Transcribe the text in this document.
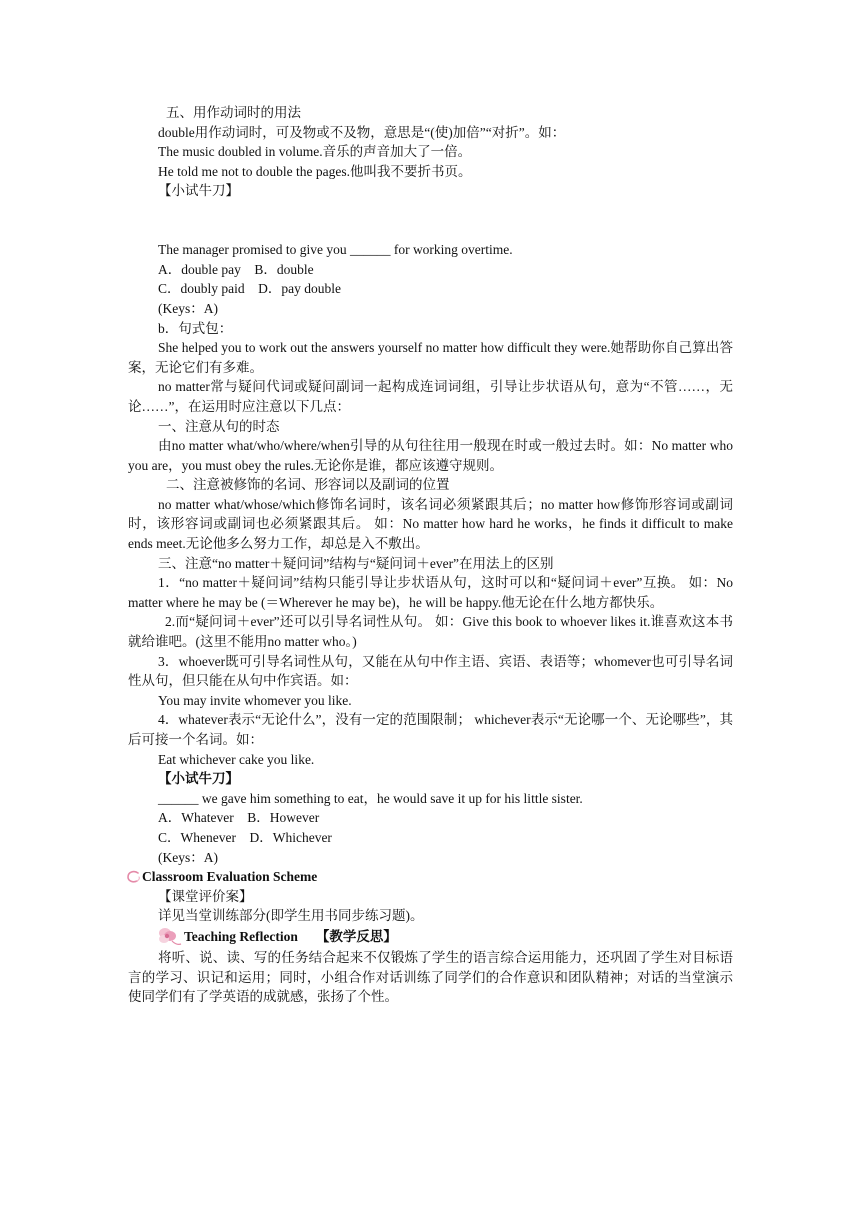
五、用作动词时的用法
double用作动词时，可及物或不及物，意思是“(使)加倍”“对折”。如：
The music doubled in volume.音乐的声音加大了一倍。
He told me not to double the pages.他叫我不要折书页。
【小试牛刀】
The manager promised to give you ______ for working overtime.
A．double pay　B．double
C．doubly paid　D．pay double
(Keys：A)
b．句式包：
She helped you to work out the answers yourself no matter how difficult they were.她帮助你自己算出答案，无论它们有多难。
no matter常与疑问代词或疑问副词一起构成连词词组，引导让步状语从句，意为“不管……，无论……”，在运用时应注意以下几点：
一、注意从句的时态
由no matter what/who/where/when引导的从句往往用一般现在时或一般过去时。如：No matter who you are，you must obey the rules.无论你是谁，都应该遵守规则。
二、注意被修饰的名词、形容词以及副词的位置
no matter what/whose/which修饰名词时，该名词必须紧跟其后；no matter how修饰形容词或副词时，该形容词或副词也必须紧跟其后。 如：No matter how hard he works，he finds it difficult to make ends meet.无论他多么努力工作，却总是入不敷出。
三、注意“no matter＋疑问词”结构与“疑问词＋ever”在用法上的区别
1．“no matter＋疑问词”结构只能引导让步状语从句，这时可以和“疑问词＋ever”互换。 如：No matter where he may be (＝Wherever he may be)，he will be happy.他无论在什么地方都快乐。
2.而“疑问词＋ever”还可以引导名词性从句。 如：Give this book to whoever likes it.谁喜欢这本书就给谁吧。(这里不能用no matter who。)
3．whoever既可引导名词性从句，又能在从句中作主语、宾语、表语等；whomever也可引导名词性从句，但只能在从句中作宾语。如：
You may invite whomever you like.
4．whatever表示“无论什么”，没有一定的范围限制； whichever表示“无论哪一个、无论哪些”，其后可接一个名词。如：
Eat whichever cake you like.
【小试牛刀】
______ we gave him something to eat，he would save it up for his little sister.
A．Whatever　B．However
C．Whenever　D．Whichever
(Keys：A)
Classroom Evaluation Scheme
【课堂评价案】
详见当堂训练部分(即学生用书同步练习题)。
Teaching Reflection 【教学反思】
将听、说、读、写的任务结合起来不仅锻炼了学生的语言综合运用能力，还巩固了学生对目标语言的学习、识记和运用；同时，小组合作对话训练了同学们的合作意识和团队精神；对话的当堂演示使同学们有了学英语的成就感，张扬了个性。
